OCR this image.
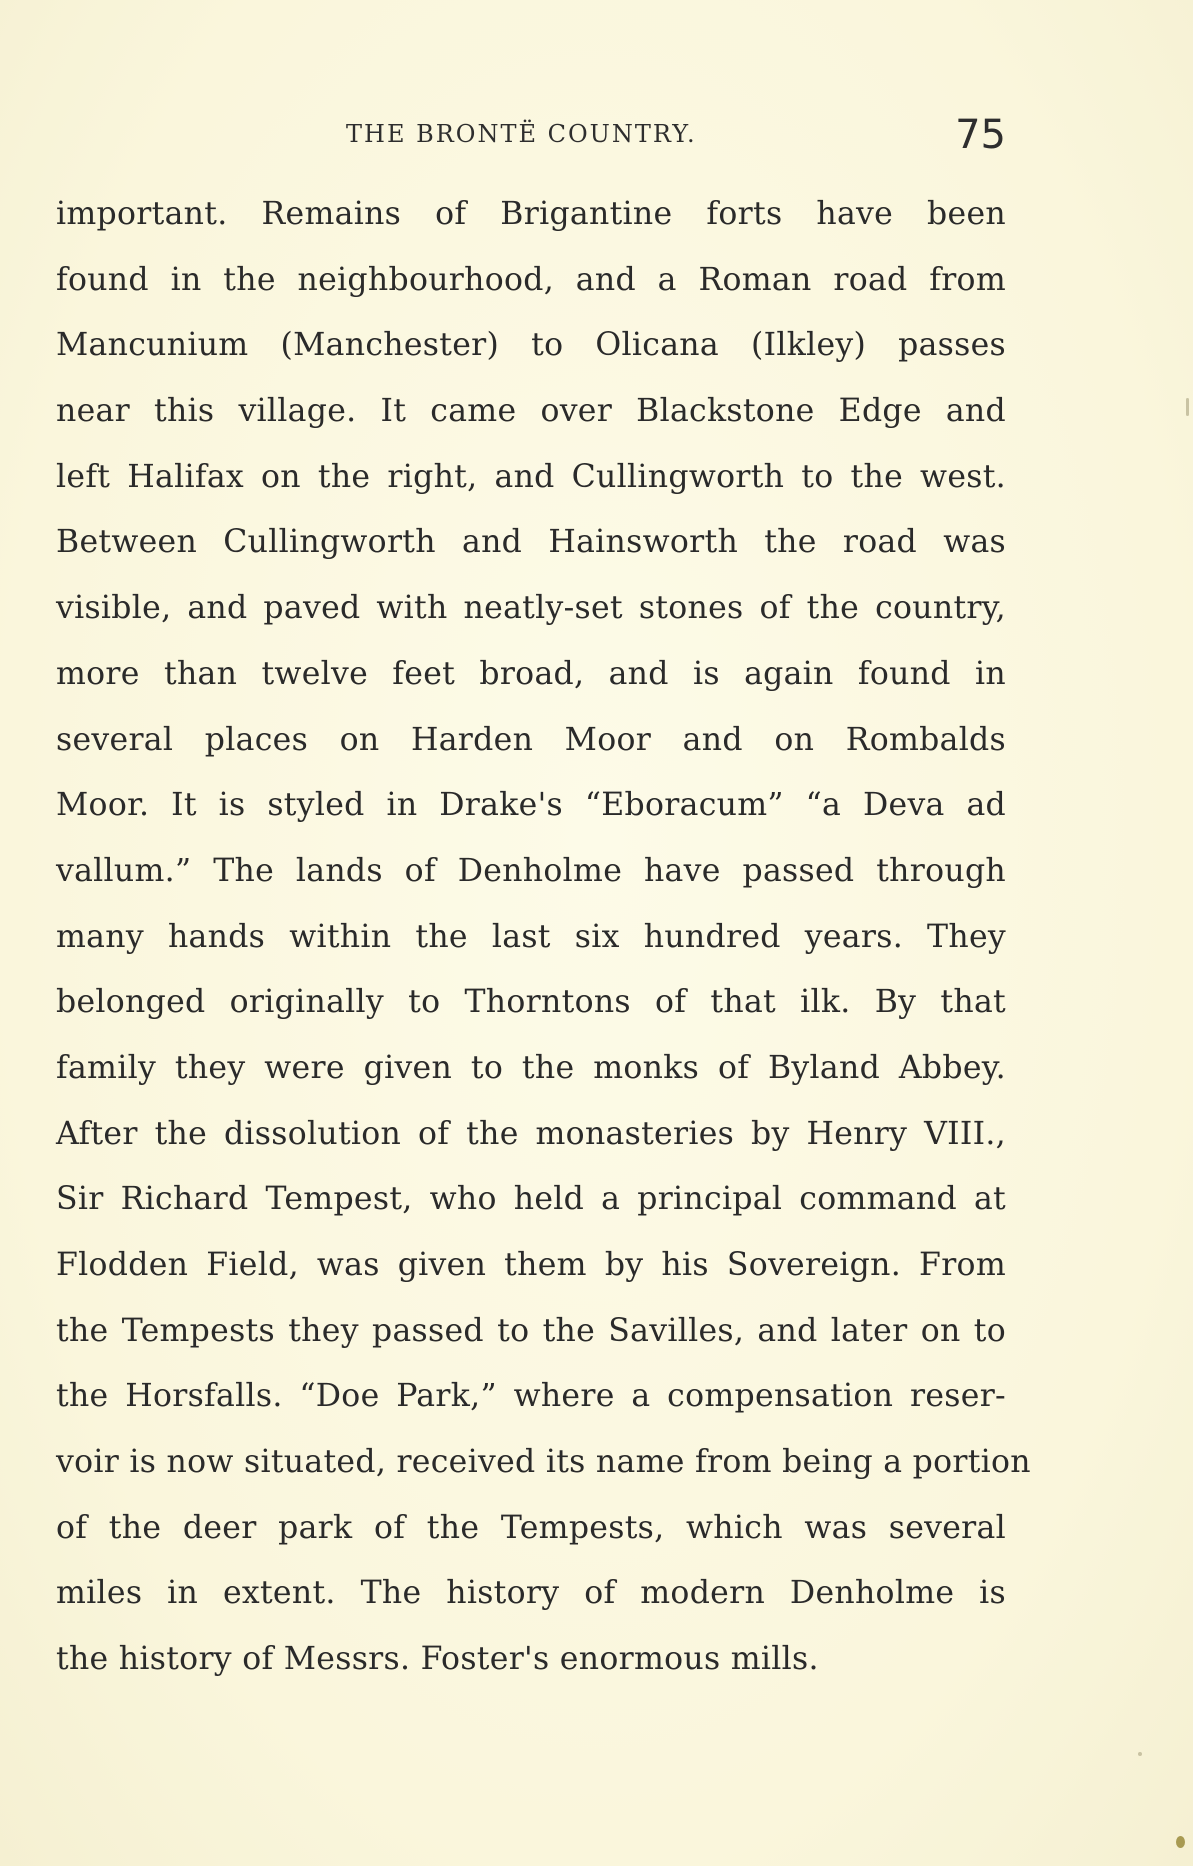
THE BRONTË COUNTRY.	75
important. Remains of Brigantine forts have been
found in the neighbourhood, and a Roman road from
Mancunium (Manchester) to Olicana (Ilkley) passes
near this village. It came over Blackstone Edge and
left Halifax on the right, and Cullingworth to the west.
Between Cullingworth and Hainsworth the road was
visible, and paved with neatly-set stones of the country,
more than twelve feet broad, and is again found in
several places on Harden Moor and on Rombalds
Moor. It is styled in Drake's “Eboracum” “a Deva ad
vallum.” The lands of Denholme have passed through
many hands within the last six hundred years. They
belonged originally to Thorntons of that ilk. By that
family they were given to the monks of Byland Abbey.
After the dissolution of the monasteries by Henry VIII.,
Sir Richard Tempest, who held a principal command at
Flodden Field, was given them by his Sovereign. From
the Tempests they passed to the Savilles, and later on to
the Horsfalls. “Doe Park,” where a compensation reser-
voir is now situated, received its name from being a portion
of the deer park of the Tempests, which was several
miles in extent. The history of modern Denholme is
the history of Messrs. Foster's enormous mills.
